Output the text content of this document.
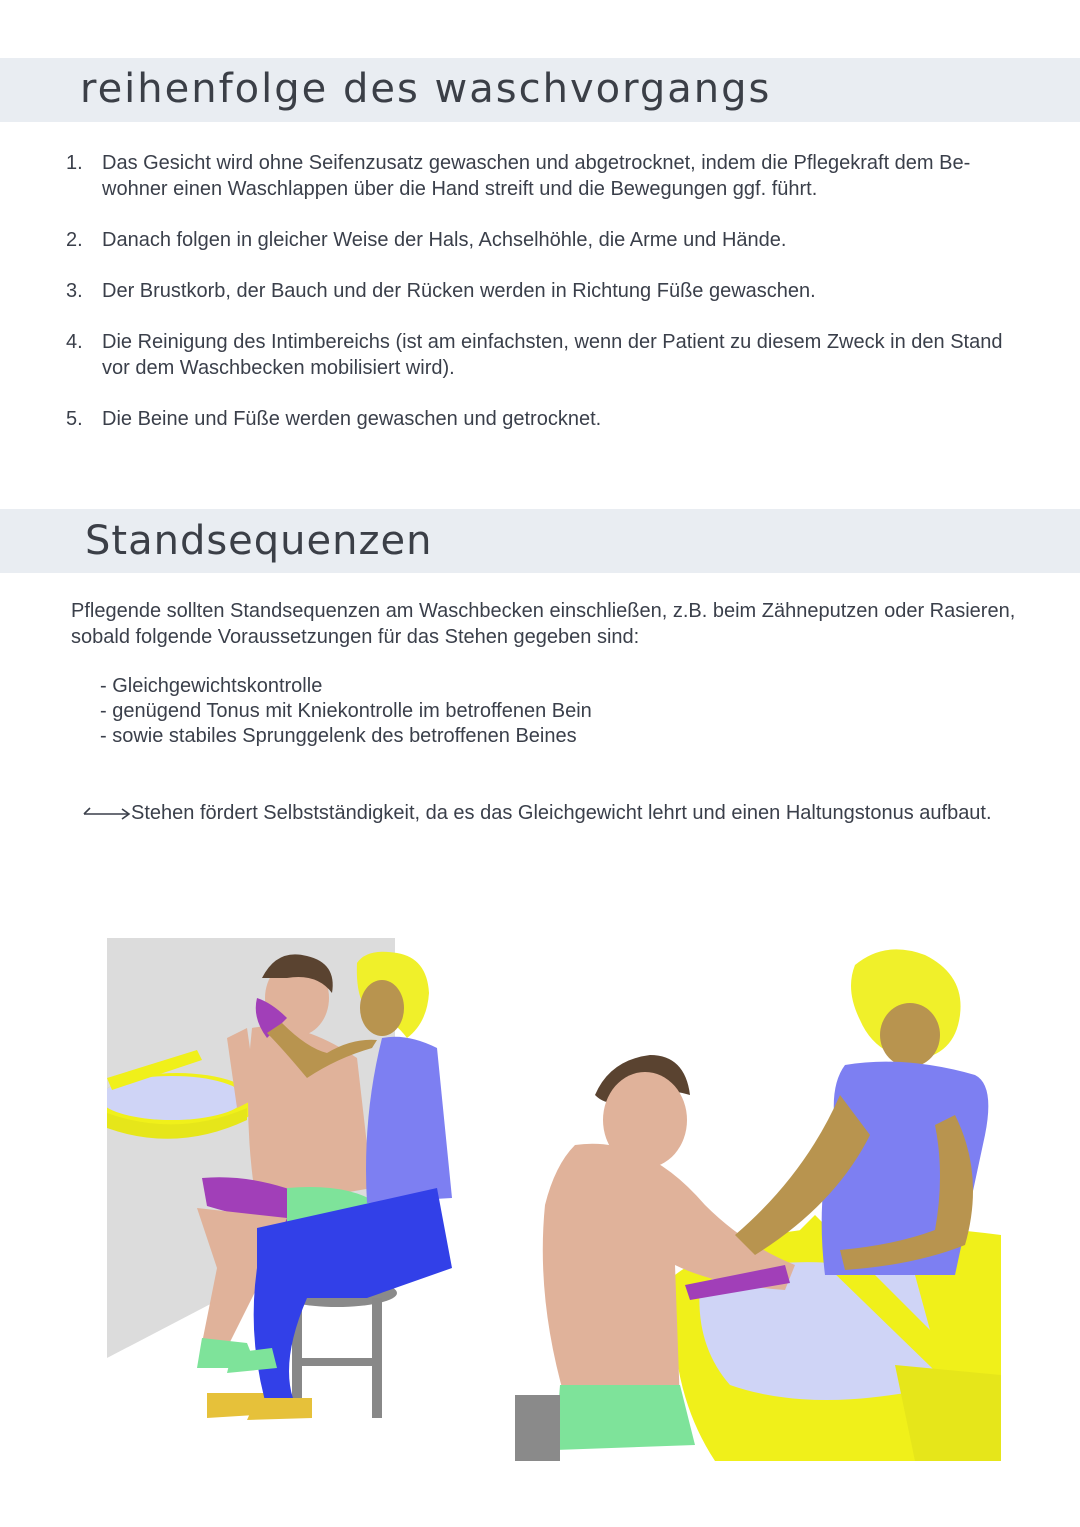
reihenfolge des waschvorgangs
1. Das Gesicht wird ohne Seifenzusatz gewaschen und abgetrocknet, indem die Pflegekraft dem Be- wohner einen Waschlappen über die Hand streift und die Bewegungen ggf. führt.
2. Danach folgen in gleicher Weise der Hals, Achselhöhle, die Arme und Hände.
3. Der Brustkorb, der Bauch und der Rücken werden in Richtung Füße gewaschen.
4. Die Reinigung des Intimbereichs (ist am einfachsten, wenn der Patient zu diesem Zweck in den Stand vor dem Waschbecken mobilisiert wird).
5. Die Beine und Füße werden gewaschen und getrocknet.
Standsequenzen

Pflegende sollten Standsequenzen am Waschbecken einschließen, z.B. beim Zähneputzen oder Rasieren, sobald folgende Voraussetzungen für das Stehen gegeben sind:

- Gleichgewichtskontrolle
- genügend Tonus mit Kniekontrolle im betroffenen Bein
- sowie stabiles Sprunggelenk des betroffenen Beines
Stehen fördert Selbstständigkeit, da es das Gleichgewicht lehrt und einen Haltungstonus aufbaut.
